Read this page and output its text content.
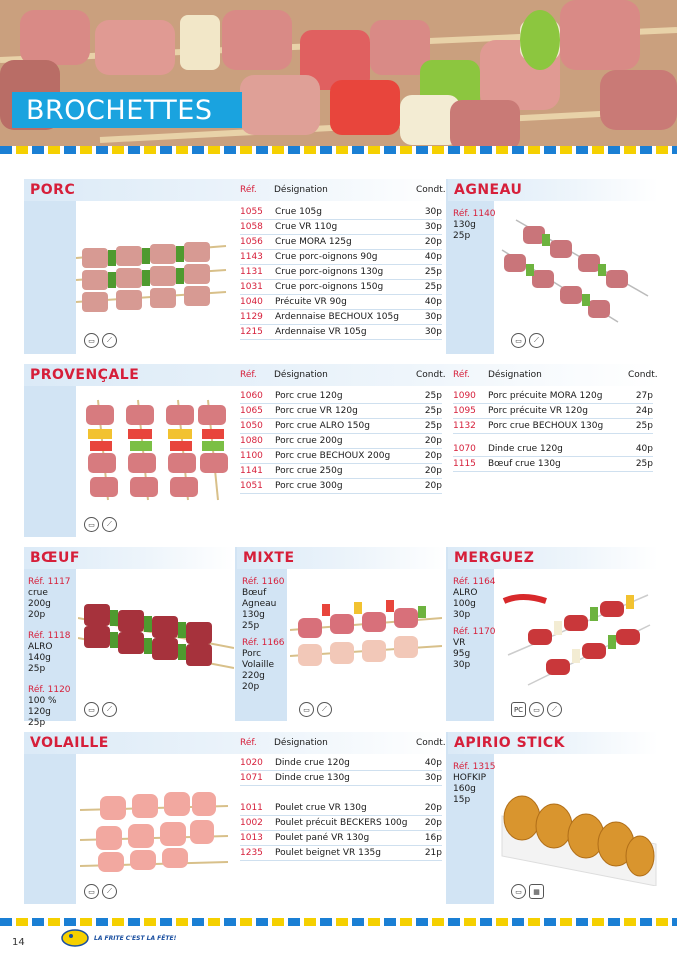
BROCHETTES
PORC	Réf. Désignation	Condt.
▭	⟋
1055	Crue 105g	30p
1058	Crue VR 110g	30p
1056	Crue MORA 125g	20p
1143	Crue porc-oignons 90g	40p
1131	Crue porc-oignons 130g	25p
1031	Crue porc-oignons 150g	25p
1040	Précuite VR 90g	40p
1129	Ardennaise BECHOUX 105g	30p
1215	Ardennaise VR 105g	30p
AGNEAU
Réf. 1140
130g
25p
▭	⟋
PROVENÇALE	Réf. Désignation	Condt. Réf. Désignation	Condt.
▭	⟋
1060	Porc crue 120g	25p
1065	Porc crue VR 120g	25p
1050	Porc crue ALRO 150g	25p
1080	Porc crue 200g	20p
1100	Porc crue BECHOUX 200g	20p
1141	Porc crue 250g	20p
1051	Porc crue 300g	20p
1090	Porc précuite MORA 120g	27p
1095	Porc précuite VR 120g	24p
1132	Porc crue BECHOUX 130g	25p
1070	Dinde crue 120g	40p
1115	Bœuf crue 130g	25p
BŒUF
Réf. 1117
crue
200g
20p
Réf. 1118
ALRO
140g
25p
Réf. 1120
100 %
120g
25p
▭	⟋
MIXTE
Réf. 1160
Bœuf
Agneau
130g
25p
Réf. 1166
Porc
Volaille
220g
20p
▭	⟋
MERGUEZ
Réf. 1164
ALRO
100g
30p
Réf. 1170
VR
95g
30p
PC	▭	⟋
VOLAILLE	Réf. Désignation	Condt.
▭	⟋
1020	Dinde crue 120g	40p
1071	Dinde crue 130g	30p
1011	Poulet crue VR 130g	20p
1002	Poulet précuit BECKERS 100g	20p
1013	Poulet pané VR 130g	16p
1235	Poulet beignet VR 135g	21p
APIRIO STICK
Réf. 1315
HOFKIP
160g
15p
▭	▦
14	LA FRITE C'EST LA FÊTE!
